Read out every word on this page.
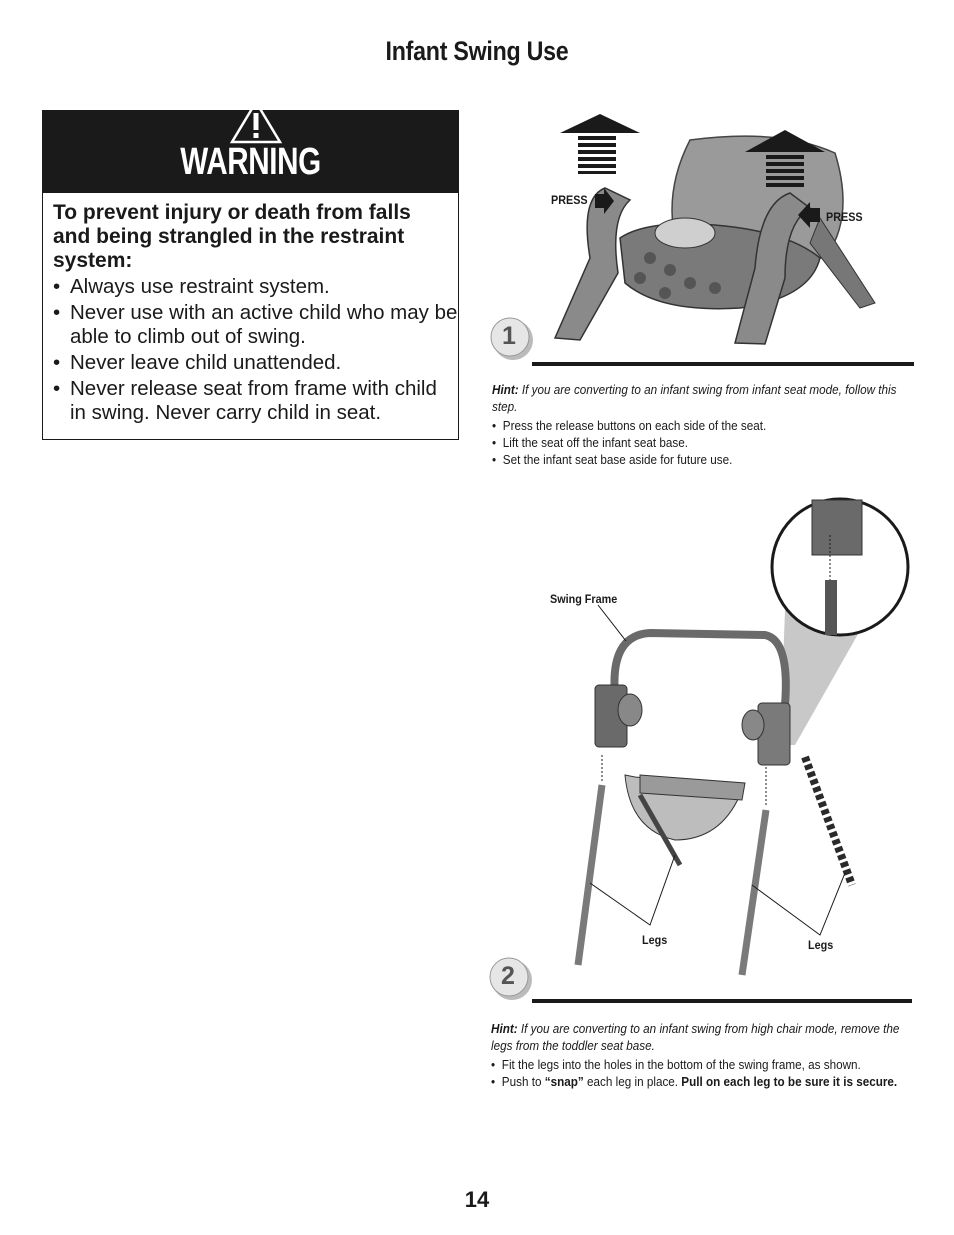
Infant Swing Use
WARNING
To prevent injury or death from falls and being strangled in the restraint system:
• Always use restraint system.
• Never use with an active child who may be able to climb out of swing.
• Never leave child unattended.
• Never release seat from frame with child in swing. Never carry child in seat.
PRESS
PRESS
1
Hint: If you are converting to an infant swing from infant seat mode, follow this step.
• Press the release buttons on each side of the seat.
• Lift the seat off the infant seat base.
• Set the infant seat base aside for future use.
Swing Frame
Legs	Legs
2
Hint: If you are converting to an infant swing from high chair mode, remove the legs from the toddler seat base.
• Fit the legs into the holes in the bottom of the swing frame, as shown.
• Push to “snap” each leg in place. Pull on each leg to be sure it is secure.
14
